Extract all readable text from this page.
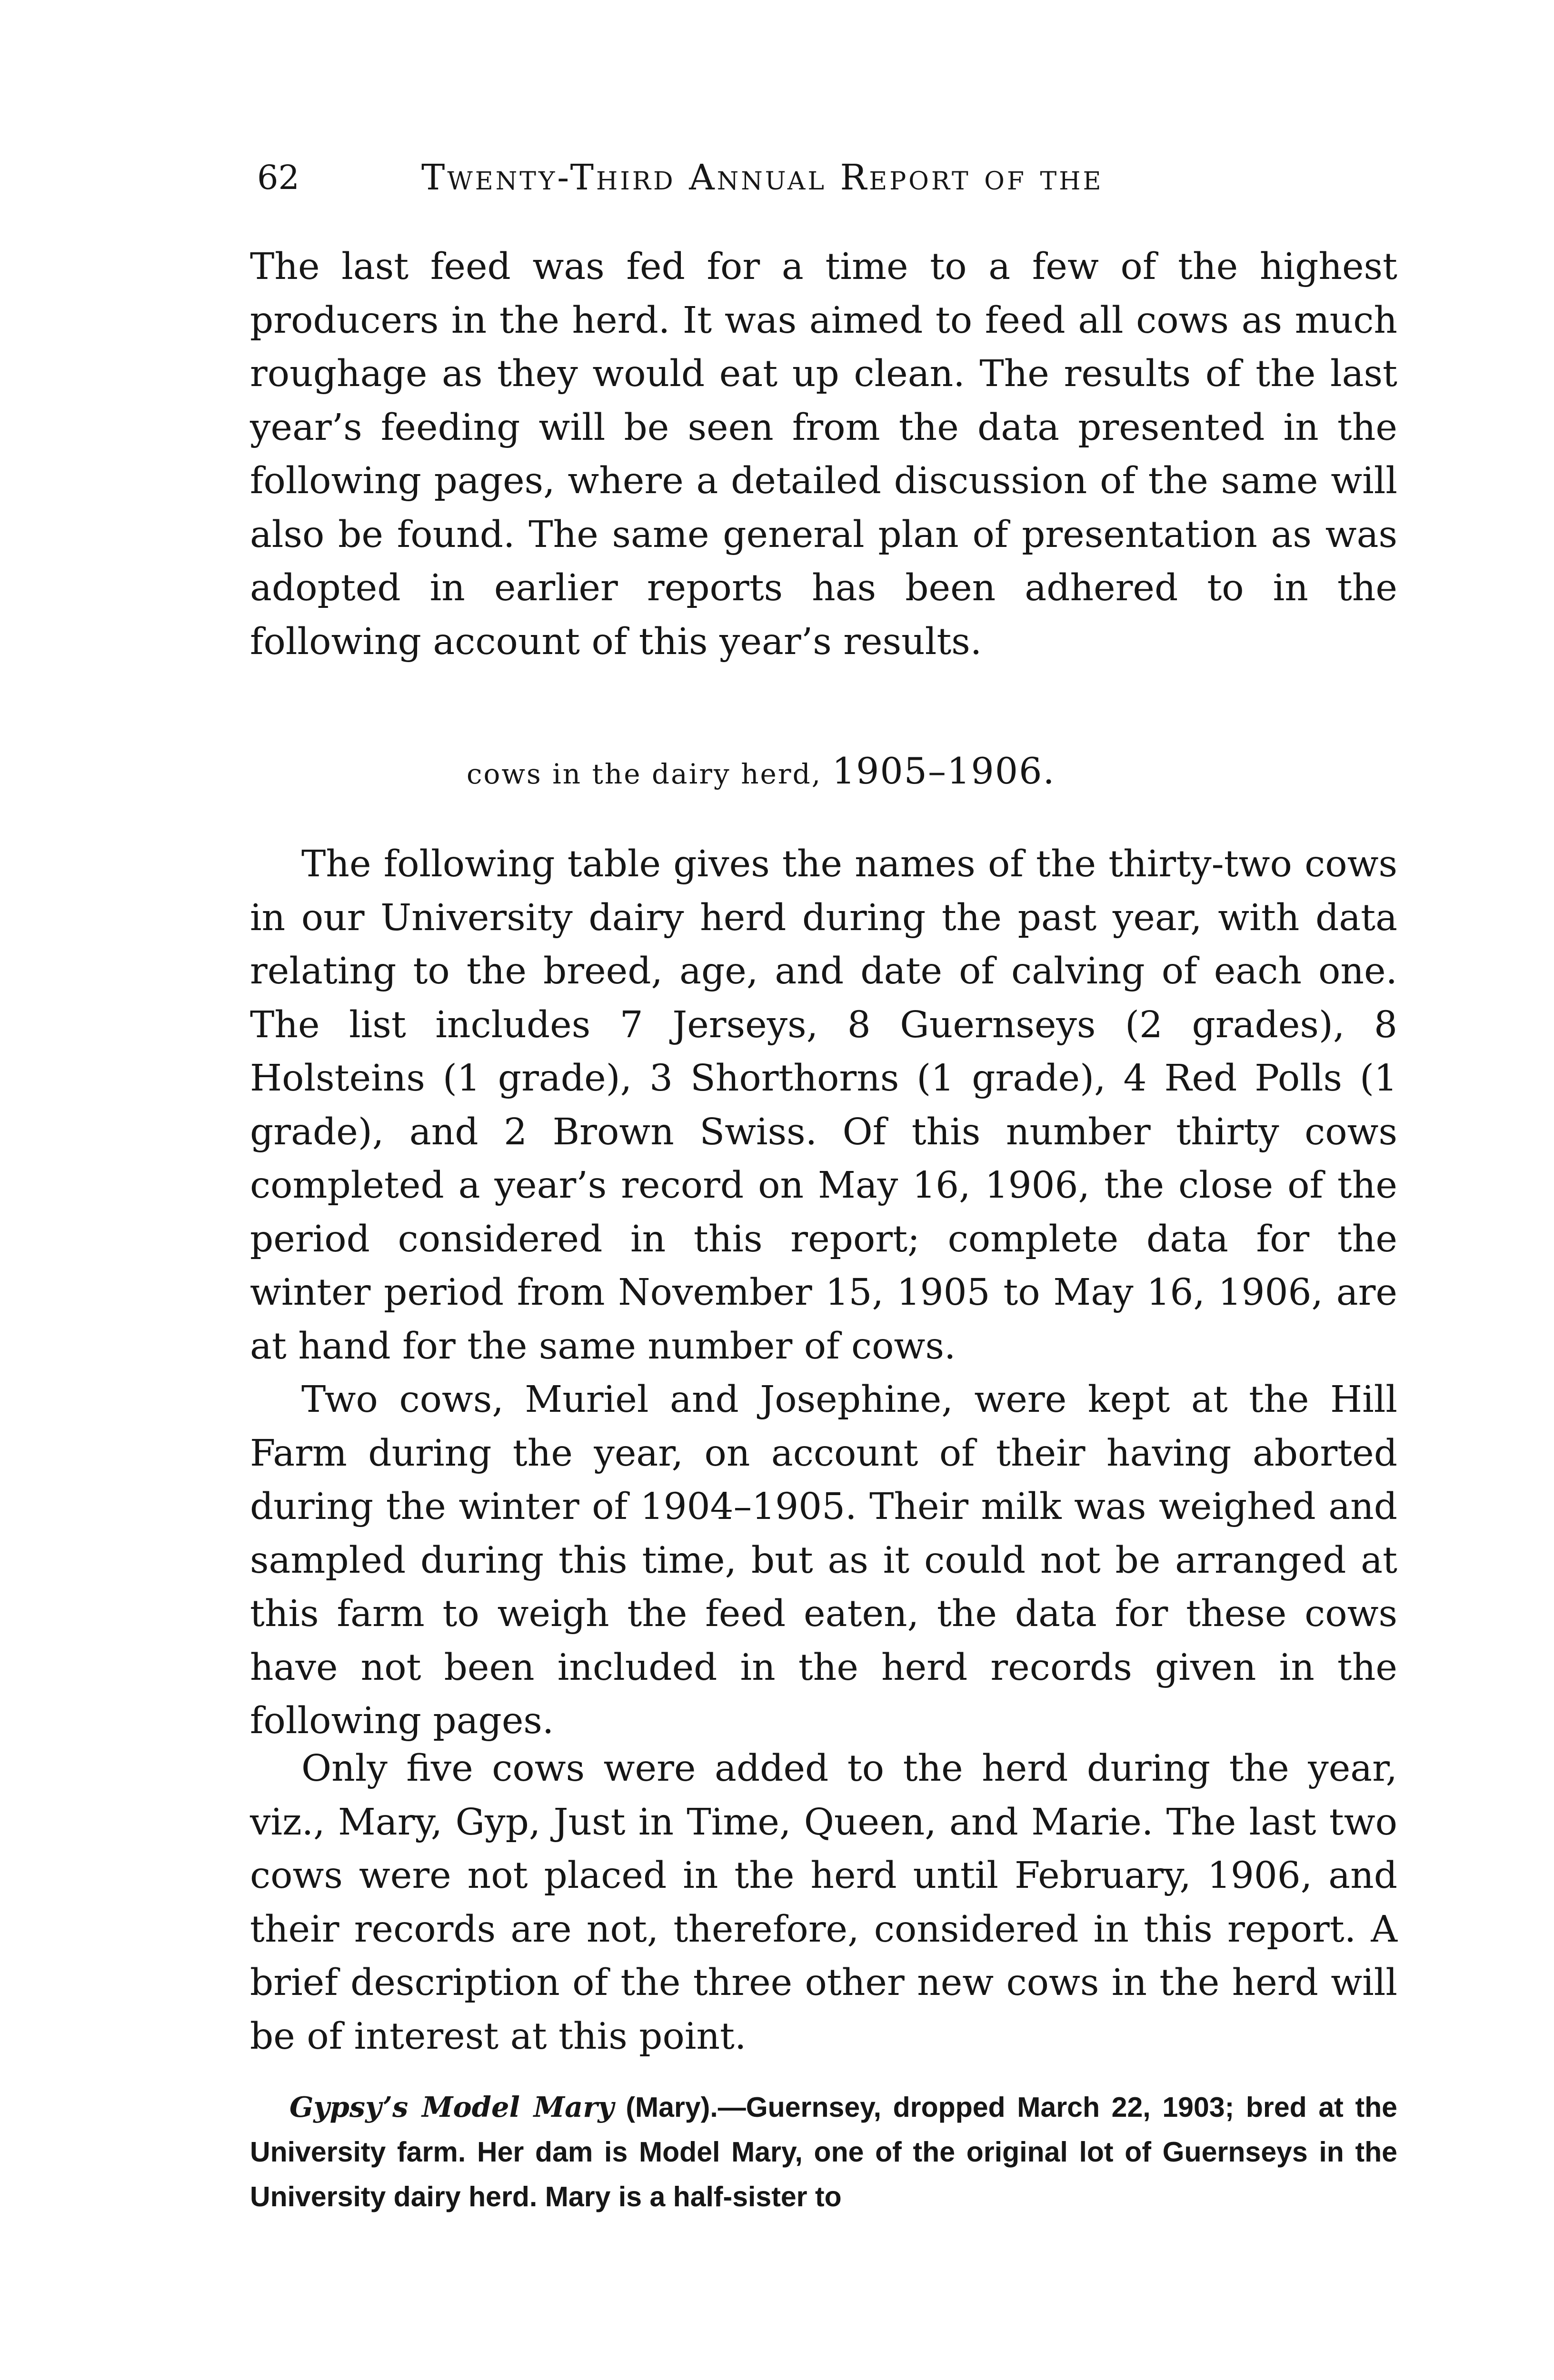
62	Twenty-Third Annual Report of the

The last feed was fed for a time to a few of the highest producers in the herd. It was aimed to feed all cows as much roughage as they would eat up clean. The results of the last year’s feeding will be seen from the data presented in the following pages, where a detailed discussion of the same will also be found. The same general plan of presentation as was adopted in earlier reports has been adhered to in the following account of this year’s results.

cows in the dairy herd, 1905–1906.

The following table gives the names of the thirty-two cows in our University dairy herd during the past year, with data relating to the breed, age, and date of calving of each one. The list includes 7 Jerseys, 8 Guernseys (2 grades), 8 Holsteins (1 grade), 3 Shorthorns (1 grade), 4 Red Polls (1 grade), and 2 Brown Swiss. Of this number thirty cows completed a year’s record on May 16, 1906, the close of the period considered in this report; complete data for the winter period from November 15, 1905 to May 16, 1906, are at hand for the same number of cows.

Two cows, Muriel and Josephine, were kept at the Hill Farm during the year, on account of their having aborted during the winter of 1904–1905. Their milk was weighed and sampled during this time, but as it could not be arranged at this farm to weigh the feed eaten, the data for these cows have not been included in the herd records given in the following pages.

Only five cows were added to the herd during the year, viz., Mary, Gyp, Just in Time, Queen, and Marie. The last two cows were not placed in the herd until February, 1906, and their records are not, therefore, considered in this report. A brief description of the three other new cows in the herd will be of interest at this point.

Gypsy’s Model Mary (Mary).—Guernsey, dropped March 22, 1903; bred at the University farm. Her dam is Model Mary, one of the original lot of Guernseys in the University dairy herd. Mary is a half-sister to
